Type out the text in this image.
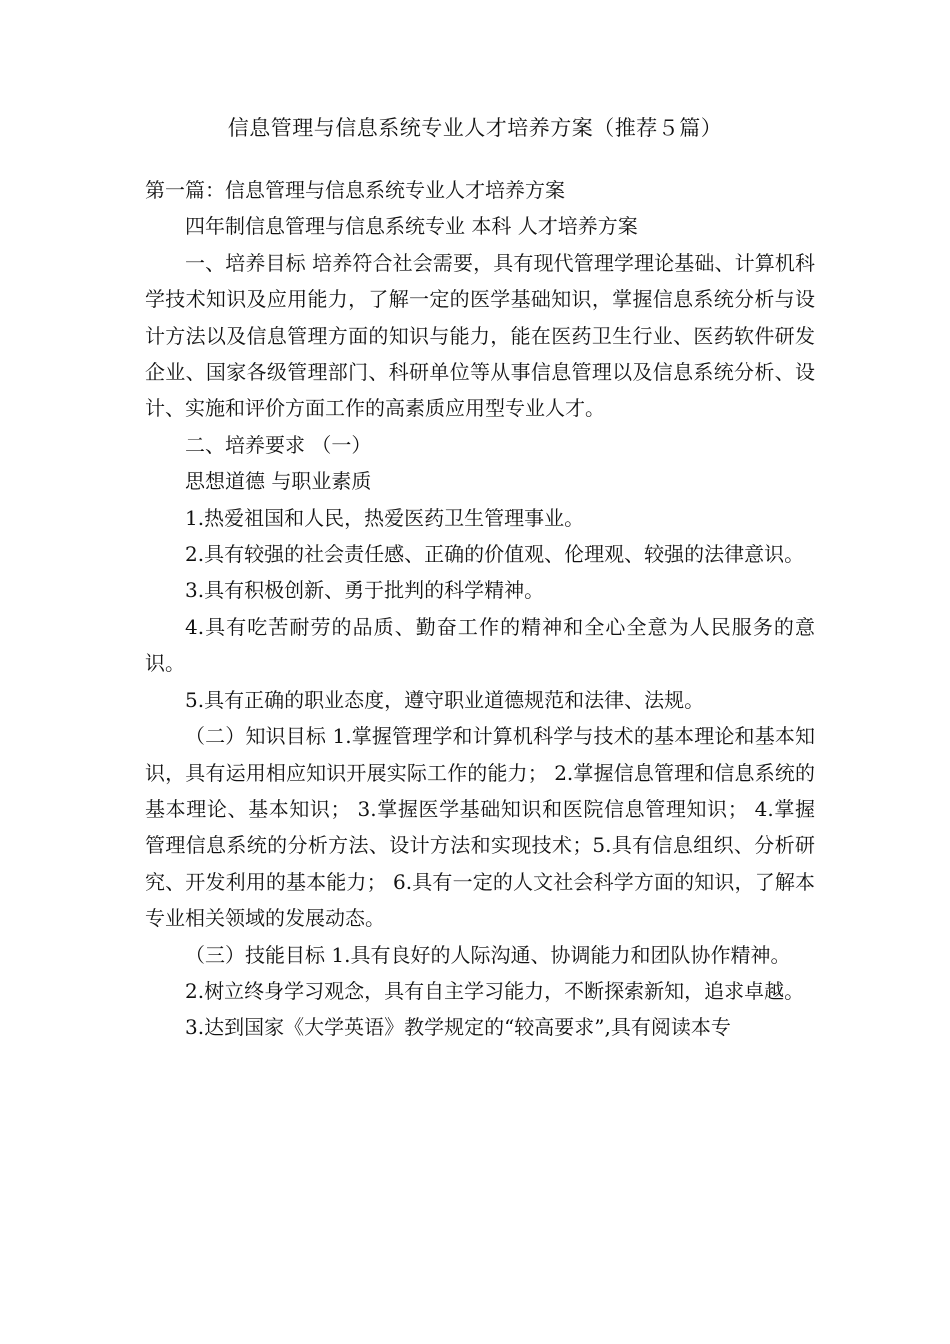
信息管理与信息系统专业人才培养方案（推荐５篇）

第一篇：信息管理与信息系统专业人才培养方案

四年制信息管理与信息系统专业 本科 人才培养方案

一、培养目标 培养符合社会需要，具有现代管理学理论基础、计算机科学技术知识及应用能力，了解一定的医学基础知识，掌握信息系统分析与设计方法以及信息管理方面的知识与能力，能在医药卫生行业、医药软件研发企业、国家各级管理部门、科研单位等从事信息管理以及信息系统分析、设计、实施和评价方面工作的高素质应用型专业人才。

二、培养要求 （一）

思想道德 与职业素质

1.热爱祖国和人民，热爱医药卫生管理事业。

2.具有较强的社会责任感、正确的价值观、伦理观、较强的法律意识。

3.具有积极创新、勇于批判的科学精神。

4.具有吃苦耐劳的品质、勤奋工作的精神和全心全意为人民服务的意识。

5.具有正确的职业态度，遵守职业道德规范和法律、法规。

（二）知识目标 1.掌握管理学和计算机科学与技术的基本理论和基本知识，具有运用相应知识开展实际工作的能力； 2.掌握信息管理和信息系统的基本理论、基本知识； 3.掌握医学基础知识和医院信息管理知识； 4.掌握管理信息系统的分析方法、设计方法和实现技术；5.具有信息组织、分析研究、开发利用的基本能力； 6.具有一定的人文社会科学方面的知识，了解本专业相关领域的发展动态。

（三）技能目标 1.具有良好的人际沟通、协调能力和团队协作精神。

2.树立终身学习观念，具有自主学习能力，不断探索新知，追求卓越。

3.达到国家《大学英语》教学规定的“较高要求”,具有阅读本专
